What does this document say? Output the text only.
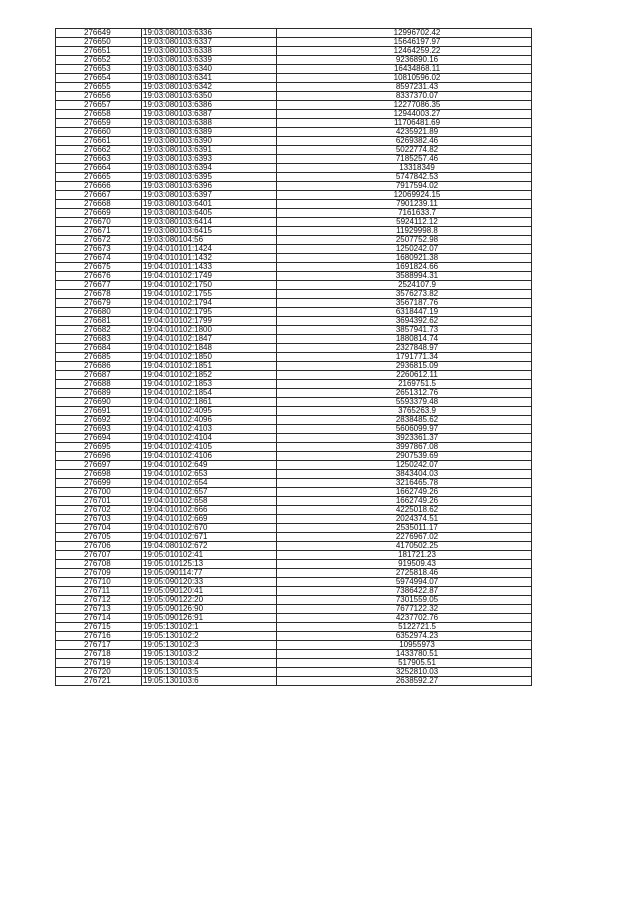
276649	19:03:080103:6336	12996702.42
276650	19:03:080103:6337	15646197.97
276651	19:03:080103:6338	12464259.22
276652	19:03:080103:6339	9236890.16
276653	19:03:080103:6340	16434868.11
276654	19:03:080103:6341	10810596.02
276655	19:03:080103:6342	8597231.43
276656	19:03:080103:6350	8337370.07
276657	19:03:080103:6386	12277086.35
276658	19:03:080103:6387	12944003.27
276659	19:03:080103:6388	11706481.69
276660	19:03:080103:6389	4235921.89
276661	19:03:080103:6390	6269382.46
276662	19:03:080103:6391	5022774.82
276663	19:03:080103:6393	7185257.46
276664	19:03:080103:6394	13318349
276665	19:03:080103:6395	5747842.53
276666	19:03:080103:6396	7917594.02
276667	19:03:080103:6397	12069924.15
276668	19:03:080103:6401	7901239.11
276669	19:03:080103:6405	7161633.7
276670	19:03:080103:6414	5924112.12
276671	19:03:080103:6415	11929998.8
276672	19:03:080104:56	2507752.98
276673	19:04:010101:1424	1250242.07
276674	19:04:010101:1432	1680921.38
276675	19:04:010101:1433	1691824.66
276676	19:04:010102:1749	3588994.31
276677	19:04:010102:1750	2524107.9
276678	19:04:010102:1755	3576273.82
276679	19:04:010102:1794	3567187.76
276680	19:04:010102:1795	6318447.19
276681	19:04:010102:1799	3694392.62
276682	19:04:010102:1800	3857941.73
276683	19:04:010102:1847	1880814.74
276684	19:04:010102:1848	2327848.97
276685	19:04:010102:1850	1791771.34
276686	19:04:010102:1851	2936815.09
276687	19:04:010102:1852	2260612.11
276688	19:04:010102:1853	2169751.5
276689	19:04:010102:1854	2651312.76
276690	19:04:010102:1861	5593379.48
276691	19:04:010102:4095	3765263.9
276692	19:04:010102:4096	2838485.62
276693	19:04:010102:4103	5606099.97
276694	19:04:010102:4104	3923361.37
276695	19:04:010102:4105	3997867.08
276696	19:04:010102:4106	2907539.69
276697	19:04:010102:649	1250242.07
276698	19:04:010102:653	3843404.03
276699	19:04:010102:654	3216465.78
276700	19:04:010102:657	1662749.26
276701	19:04:010102:658	1662749.26
276702	19:04:010102:666	4225018.62
276703	19:04:010102:669	2024374.51
276704	19:04:010102:670	2535011.17
276705	19:04:010102:671	2276967.02
276706	19:04:080102:672	4170502.25
276707	19:05:010102:41	181721.23
276708	19:05:010125:13	919509.43
276709	19:05:090114:77	2725818.46
276710	19:05:090120:33	5974994.07
276711	19:05:090120:41	7386422.87
276712	19:05:090122:20	7301559.05
276713	19:05:090126:90	7677122.32
276714	19:05:090126:91	4237702.76
276715	19:05:130102:1	5122721.5
276716	19:05:130102:2	6352974.23
276717	19:05:130102:3	10955973
276718	19:05:130103:2	1433780.51
276719	19:05:130103:4	517905.51
276720	19:05:130103:5	3252810.03
276721	19:05:130103:6	2638592.27
